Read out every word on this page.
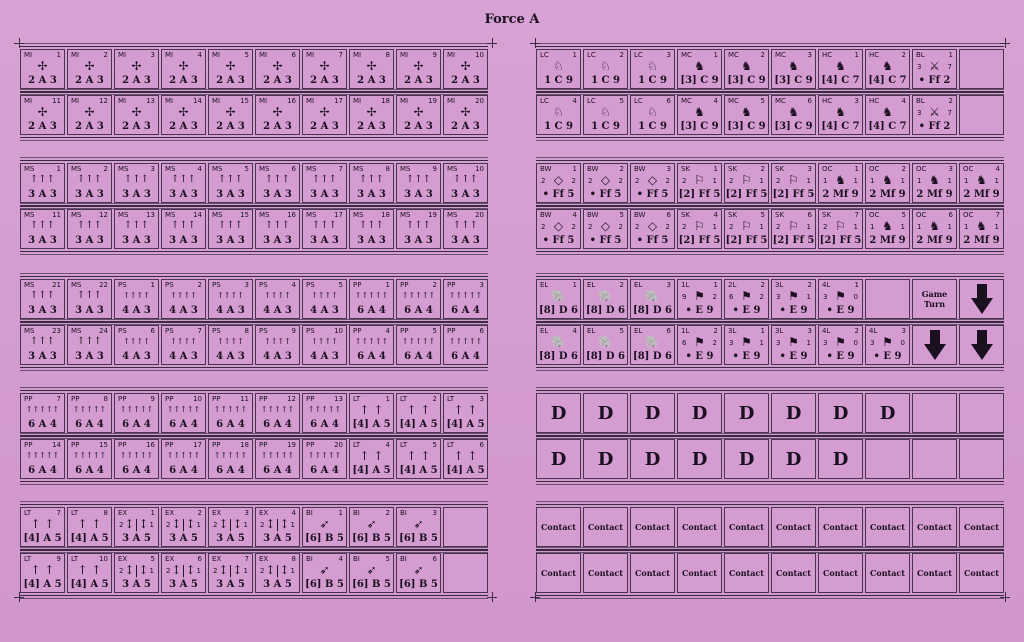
Force A
MI	1
✢
2 A 3
MI	2
✢
2 A 3
MI	3
✢
2 A 3
MI	4
✢
2 A 3
MI	5
✢
2 A 3
MI	6
✢
2 A 3
MI	7
✢
2 A 3
MI	8
✢
2 A 3
MI	9
✢
2 A 3
MI	10
✢
2 A 3
MI	11
✢
2 A 3
MI	12
✢
2 A 3
MI	13
✢
2 A 3
MI	14
✢
2 A 3
MI	15
✢
2 A 3
MI	16
✢
2 A 3
MI	17
✢
2 A 3
MI	18
✢
2 A 3
MI	19
✢
2 A 3
MI	20
✢
2 A 3
MS	1
↑↑↑
3 A 3
MS	2
↑↑↑
3 A 3
MS	3
↑↑↑
3 A 3
MS	4
↑↑↑
3 A 3
MS	5
↑↑↑
3 A 3
MS	6
↑↑↑
3 A 3
MS	7
↑↑↑
3 A 3
MS	8
↑↑↑
3 A 3
MS	9
↑↑↑
3 A 3
MS	10
↑↑↑
3 A 3
MS	11
↑↑↑
3 A 3
MS	12
↑↑↑
3 A 3
MS	13
↑↑↑
3 A 3
MS	14
↑↑↑
3 A 3
MS	15
↑↑↑
3 A 3
MS	16
↑↑↑
3 A 3
MS	17
↑↑↑
3 A 3
MS	18
↑↑↑
3 A 3
MS	19
↑↑↑
3 A 3
MS	20
↑↑↑
3 A 3
MS	21
↑↑↑
3 A 3
MS	22
↑↑↑
3 A 3
PS	1
↑↑↑↑
4 A 3
PS	2
↑↑↑↑
4 A 3
PS	3
↑↑↑↑
4 A 3
PS	4
↑↑↑↑
4 A 3
PS	5
↑↑↑↑
4 A 3
PP	1
↑↑↑↑↑
6 A 4
PP	2
↑↑↑↑↑
6 A 4
PP	3
↑↑↑↑↑
6 A 4
MS	23
↑↑↑
3 A 3
MS	24
↑↑↑
3 A 3
PS	6
↑↑↑↑
4 A 3
PS	7
↑↑↑↑
4 A 3
PS	8
↑↑↑↑
4 A 3
PS	9
↑↑↑↑
4 A 3
PS	10
↑↑↑↑
4 A 3
PP	4
↑↑↑↑↑
6 A 4
PP	5
↑↑↑↑↑
6 A 4
PP	6
↑↑↑↑↑
6 A 4
PP	7
↑↑↑↑↑
6 A 4
PP	8
↑↑↑↑↑
6 A 4
PP	9
↑↑↑↑↑
6 A 4
PP	10
↑↑↑↑↑
6 A 4
PP	11
↑↑↑↑↑
6 A 4
PP	12
↑↑↑↑↑
6 A 4
PP	13
↑↑↑↑↑
6 A 4
LT	1
↑ ↑
[4] A 5
LT	2
↑ ↑
[4] A 5
LT	3
↑ ↑
[4] A 5
PP	14
↑↑↑↑↑
6 A 4
PP	15
↑↑↑↑↑
6 A 4
PP	16
↑↑↑↑↑
6 A 4
PP	17
↑↑↑↑↑
6 A 4
PP	18
↑↑↑↑↑
6 A 4
PP	19
↑↑↑↑↑
6 A 4
PP	20
↑↑↑↑↑
6 A 4
LT	4
↑ ↑
[4] A 5
LT	5
↑ ↑
[4] A 5
LT	6
↑ ↑
[4] A 5
LT	7
↑ ↑
[4] A 5
LT	8
↑ ↑
[4] A 5
EX	1
↕|↕
2	1
3 A 5
EX	2
↕|↕
2	1
3 A 5
EX	3
↕|↕
2	1
3 A 5
EX	4
↕|↕
2	1
3 A 5
BI	1
➶
[6] B 5
BI	2
➶
[6] B 5
BI	3
➶
[6] B 5
LT	9
↑ ↑
[4] A 5
LT	10
↑ ↑
[4] A 5
EX	5
↕|↕
2	1
3 A 5
EX	6
↕|↕
2	1
3 A 5
EX	7
↕|↕
2	1
3 A 5
EX	8
↕|↕
2	1
3 A 5
BI	4
➶
[6] B 5
BI	5
➶
[6] B 5
BI	6
➶
[6] B 5
LC	1
♘
1 C 9
LC	2
♘
1 C 9
LC	3
♘
1 C 9
MC	1
♞
[3] C 9
MC	2
♞
[3] C 9
MC	3
♞
[3] C 9
HC	1
♞
[4] C 7
HC	2
♞
[4] C 7
BL	1
⚔
3	7
• Ff 2
LC	4
♘
1 C 9
LC	5
♘
1 C 9
LC	6
♘
1 C 9
MC	4
♞
[3] C 9
MC	5
♞
[3] C 9
MC	6
♞
[3] C 9
HC	3
♞
[4] C 7
HC	4
♞
[4] C 7
BL	2
⚔
3	7
• Ff 2
BW	1
◇
2	2
• Ff 5
BW	2
◇
2	2
• Ff 5
BW	3
◇
2	2
• Ff 5
SK	1
⚐
2	1
[2] Ff 5
SK	2
⚐
2	1
[2] Ff 5
SK	3
⚐
2	1
[2] Ff 5
OC	1
♞
1	1
2 Mf 9
OC	2
♞
1	1
2 Mf 9
OC	3
♞
1	1
2 Mf 9
OC	4
♞
1	1
2 Mf 9
BW	4
◇
2	2
• Ff 5
BW	5
◇
2	2
• Ff 5
BW	6
◇
2	2
• Ff 5
SK	4
⚐
2	1
[2] Ff 5
SK	5
⚐
2	1
[2] Ff 5
SK	6
⚐
2	1
[2] Ff 5
SK	7
⚐
2	1
[2] Ff 5
OC	5
♞
1	1
2 Mf 9
OC	6
♞
1	1
2 Mf 9
OC	7
♞
1	1
2 Mf 9
EL	1
🐘
[8] D 6
EL	2
🐘
[8] D 6
EL	3
🐘
[8] D 6
1L	1
⚑
9	2
• E 9
2L	2
⚑
6	2
• E 9
3L	2
⚑
3	1
• E 9
4L	1
⚑
3	0
• E 9
Game
Turn
EL	4
🐘
[8] D 6
EL	5
🐘
[8] D 6
EL	6
🐘
[8] D 6
1L	2
⚑
6	2
• E 9
3L	1
⚑
3	1
• E 9
3L	3
⚑
3	1
• E 9
4L	2
⚑
3	0
• E 9
4L	3
⚑
3	0
• E 9
D	D	D	D	D	D	D	D
D	D	D	D	D	D	D
Contact	Contact	Contact	Contact	Contact	Contact	Contact	Contact	Contact	Contact
Contact	Contact	Contact	Contact	Contact	Contact	Contact	Contact	Contact	Contact
